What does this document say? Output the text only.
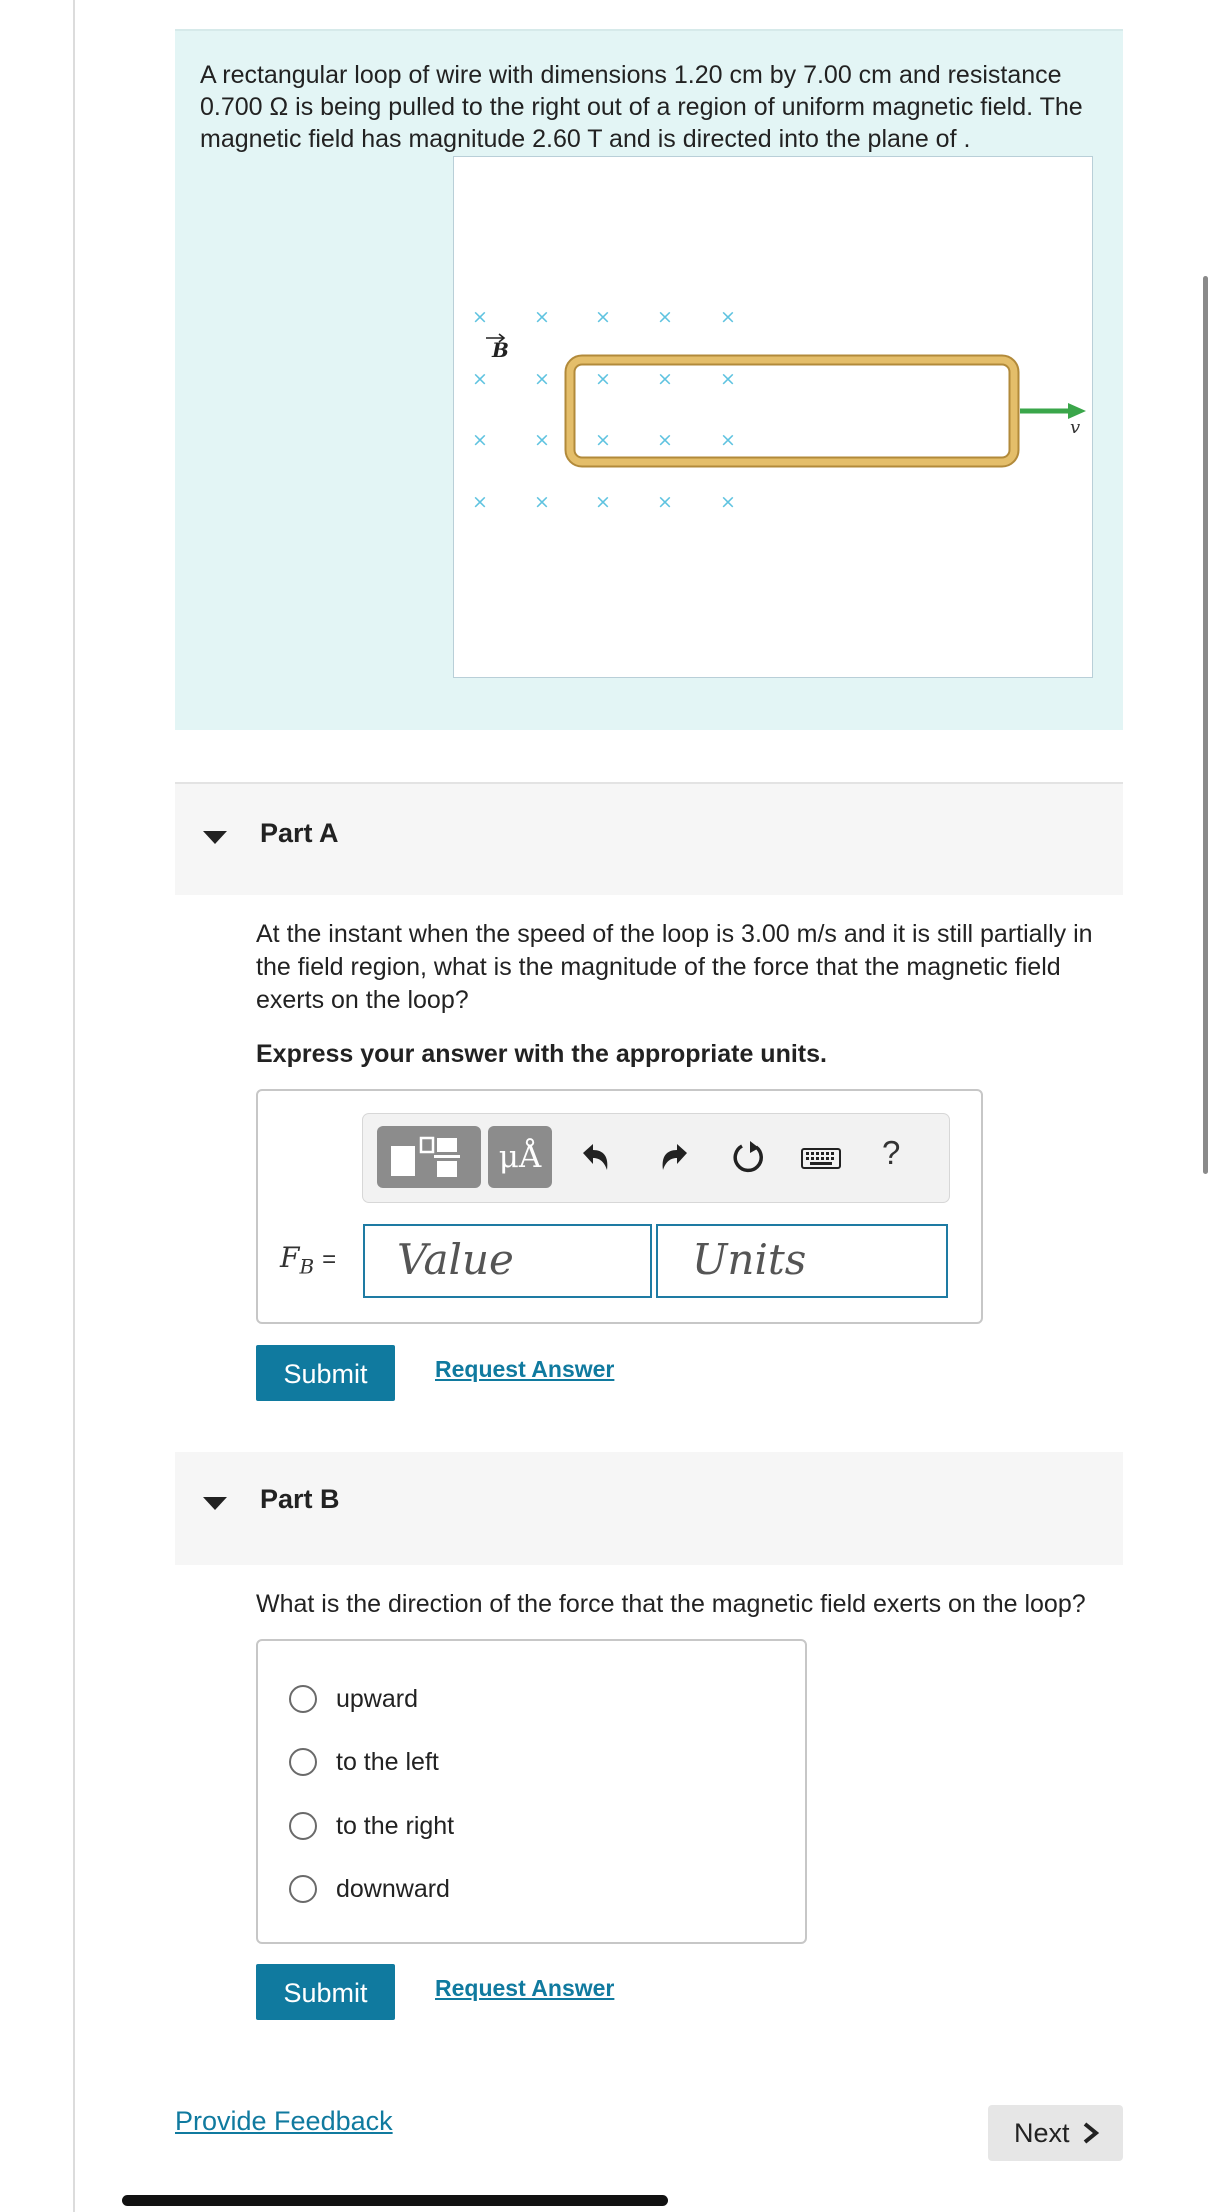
A rectangular loop of wire with dimensions 1.20 cm by 7.00 cm and resistance 0.700 Ω is being pulled to the right out of a region of uniform magnetic field. The magnetic field has magnitude 2.60 T and is directed into the plane of .

× × × × ×
× × × × ×
× × × × ×
× × × × ×
B
v
Part A

At the instant when the speed of the loop is 3.00 m/s and it is still partially in the field region, what is the magnitude of the force that the magnetic field exerts on the loop?

Express your answer with the appropriate units.
μÅ	?
$F_B$ =	Value	Units
Submit	Request Answer
Part B

What is the direction of the force that the magnetic field exerts on the loop?

upward
to the left
to the right
downward
Submit	Request Answer
Provide Feedback	Next
